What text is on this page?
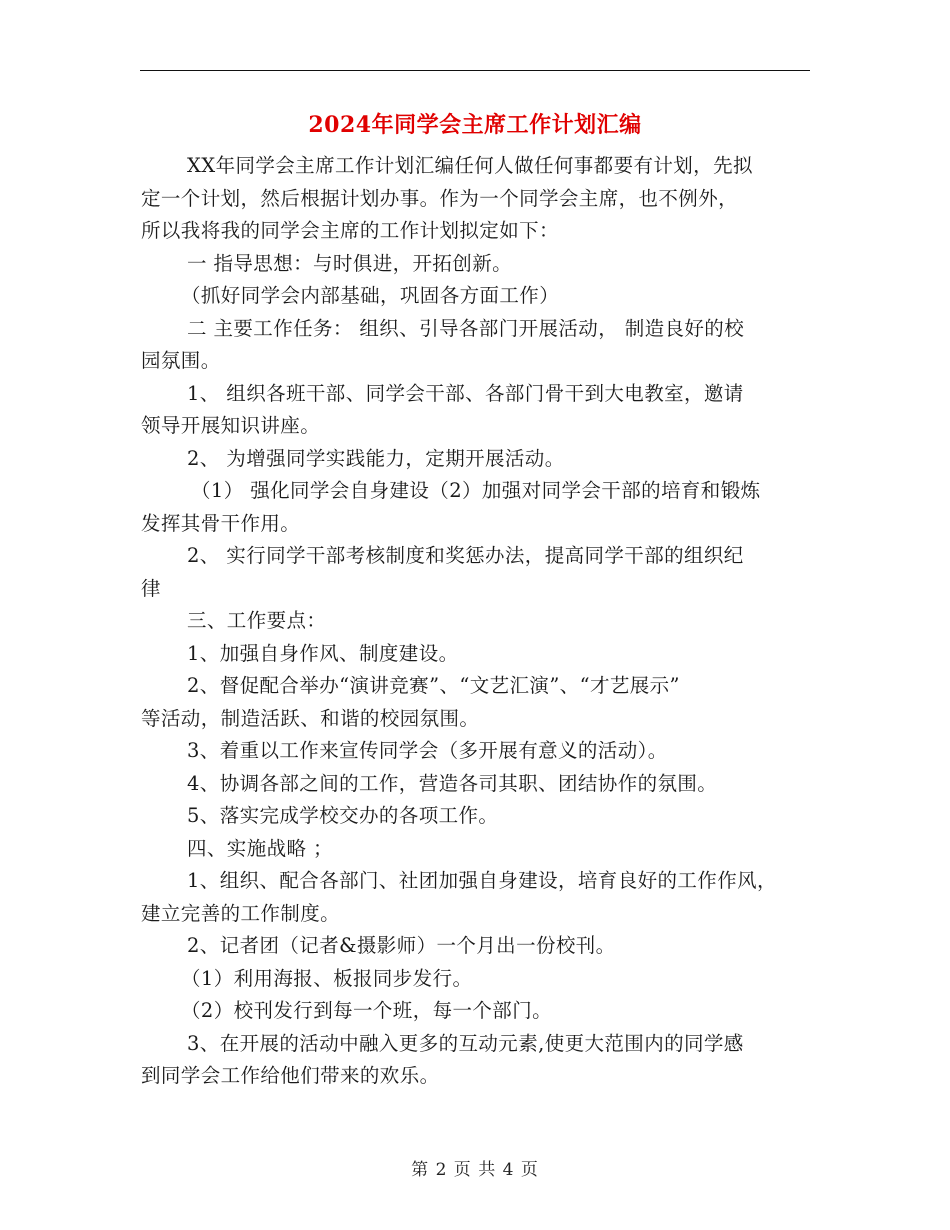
2024年同学会主席工作计划汇编
XX年同学会主席工作计划汇编任何人做任何事都要有计划，先拟
定一个计划，然后根据计划办事。作为一个同学会主席，也不例外，
所以我将我的同学会主席的工作计划拟定如下：
一 指导思想：与时俱进，开拓创新。
（抓好同学会内部基础，巩固各方面工作）
二 主要工作任务： 组织、引导各部门开展活动， 制造良好的校
园氛围。
1、 组织各班干部、同学会干部、各部门骨干到大电教室，邀请
领导开展知识讲座。
2、 为增强同学实践能力，定期开展活动。
（1） 强化同学会自身建设（2）加强对同学会干部的培育和锻炼
发挥其骨干作用。
2、 实行同学干部考核制度和奖惩办法，提高同学干部的组织纪
律
三、工作要点：
1、加强自身作风、制度建设。
2、督促配合举办“演讲竞赛”、“文艺汇演”、“才艺展示”
等活动，制造活跃、和谐的校园氛围。
3、着重以工作来宣传同学会（多开展有意义的活动）。
4、协调各部之间的工作，营造各司其职、团结协作的氛围。
5、落实完成学校交办的各项工作。
四、实施战略 ；
1、组织、配合各部门、社团加强自身建设，培育良好的工作作风，
建立完善的工作制度。
2、记者团（记者&摄影师）一个月出一份校刊。
（1）利用海报、板报同步发行。
（2）校刊发行到每一个班，每一个部门。
3、在开展的活动中融入更多的互动元素,使更大范围内的同学感
到同学会工作给他们带来的欢乐。
第 2 页 共 4 页
